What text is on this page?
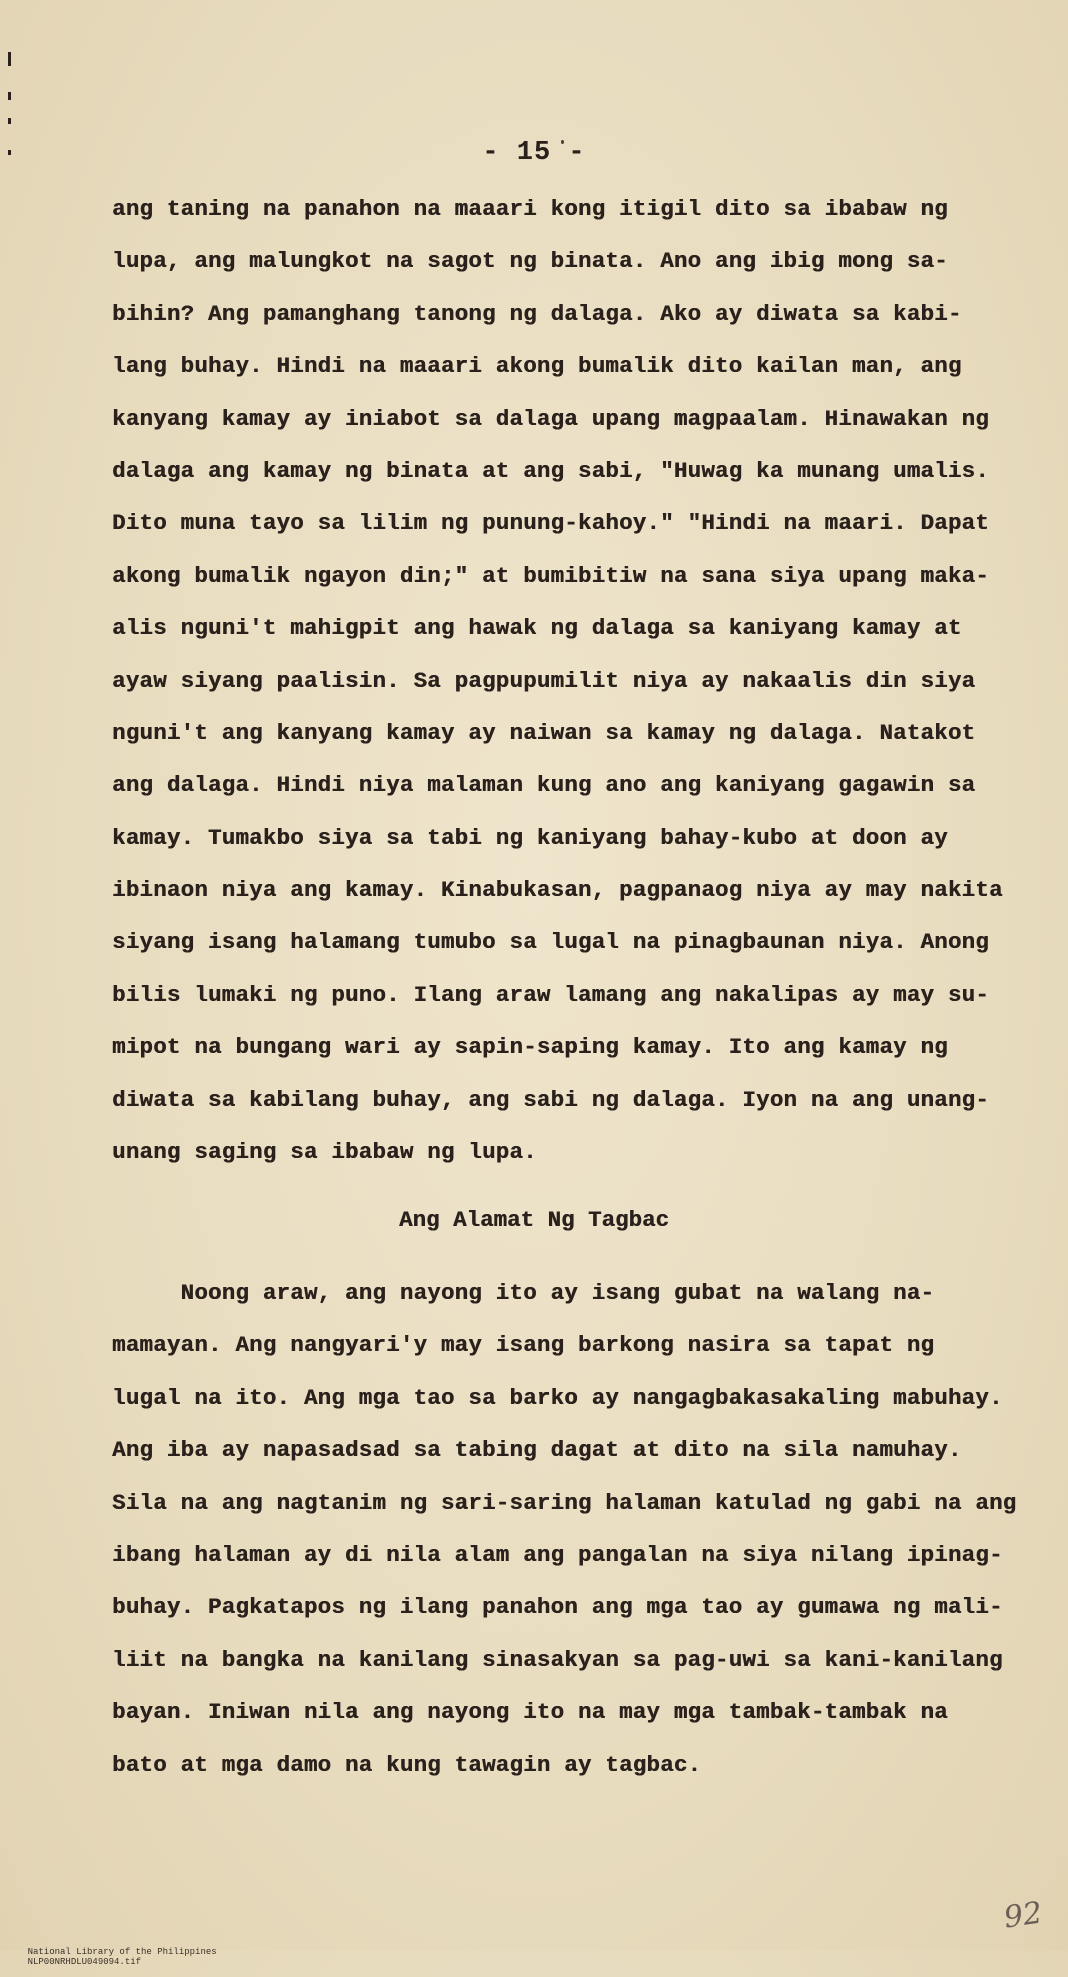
- 15 -
ang taning na panahon na maaari kong itigil dito sa ibabaw ng
lupa, ang malungkot na sagot ng binata. Ano ang ibig mong sa-
bihin? Ang pamanghang tanong ng dalaga. Ako ay diwata sa kabi-
lang buhay. Hindi na maaari akong bumalik dito kailan man, ang
kanyang kamay ay iniabot sa dalaga upang magpaalam. Hinawakan ng
dalaga ang kamay ng binata at ang sabi, "Huwag ka munang umalis.
Dito muna tayo sa lilim ng punung-kahoy." "Hindi na maari. Dapat
akong bumalik ngayon din;" at bumibitiw na sana siya upang maka-
alis nguni't mahigpit ang hawak ng dalaga sa kaniyang kamay at
ayaw siyang paalisin. Sa pagpupumilit niya ay nakaalis din siya
nguni't ang kanyang kamay ay naiwan sa kamay ng dalaga. Natakot
ang dalaga. Hindi niya malaman kung ano ang kaniyang gagawin sa
kamay. Tumakbo siya sa tabi ng kaniyang bahay-kubo at doon ay
ibinaon niya ang kamay. Kinabukasan, pagpanaog niya ay may nakita
siyang isang halamang tumubo sa lugal na pinagbaunan niya. Anong
bilis lumaki ng puno. Ilang araw lamang ang nakalipas ay may su-
mipot na bungang wari ay sapin-saping kamay. Ito ang kamay ng
diwata sa kabilang buhay, ang sabi ng dalaga. Iyon na ang unang-
unang saging sa ibabaw ng lupa.
Ang Alamat Ng Tagbac
Noong araw, ang nayong ito ay isang gubat na walang na-
mamayan. Ang nangyari'y may isang barkong nasira sa tapat ng
lugal na ito. Ang mga tao sa barko ay nangagbakasakaling mabuhay.
Ang iba ay napasadsad sa tabing dagat at dito na sila namuhay.
Sila na ang nagtanim ng sari-saring halaman katulad ng gabi na ang
ibang halaman ay di nila alam ang pangalan na siya nilang ipinag-
buhay. Pagkatapos ng ilang panahon ang mga tao ay gumawa ng mali-
liit na bangka na kanilang sinasakyan sa pag-uwi sa kani-kanilang
bayan. Iniwan nila ang nayong ito na may mga tambak-tambak na
bato at mga damo na kung tawagin ay tagbac.

National Library of the Philippines
NLP00NRHDLU049094.tif

92
